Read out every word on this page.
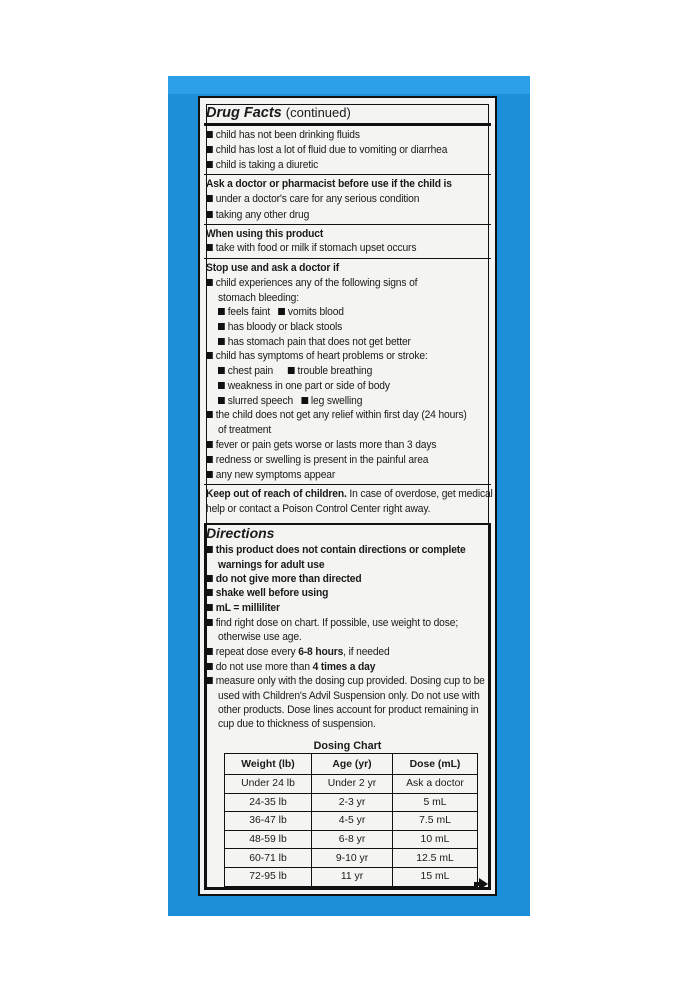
Drug Facts (continued)
child has not been drinking fluids
child has lost a lot of fluid due to vomiting or diarrhea
child is taking a diuretic
Ask a doctor or pharmacist before use if the child is
under a doctor's care for any serious condition
taking any other drug
When using this product
take with food or milk if stomach upset occurs
Stop use and ask a doctor if
child experiences any of the following signs of
stomach bleeding:
feels faint vomits blood
has bloody or black stools
has stomach pain that does not get better
child has symptoms of heart problems or stroke:
chest pain trouble breathing
weakness in one part or side of body
slurred speech leg swelling
the child does not get any relief within first day (24 hours)
of treatment
fever or pain gets worse or lasts more than 3 days
redness or swelling is present in the painful area
any new symptoms appear
Keep out of reach of children. In case of overdose, get medical
help or contact a Poison Control Center right away.
Directions
this product does not contain directions or complete
warnings for adult use
do not give more than directed
shake well before using
mL = milliliter
find right dose on chart. If possible, use weight to dose;
otherwise use age.
repeat dose every 6-8 hours, if needed
do not use more than 4 times a day
measure only with the dosing cup provided. Dosing cup to be
used with Children's Advil Suspension only. Do not use with
other products. Dose lines account for product remaining in
cup due to thickness of suspension.
Dosing Chart
Weight (lb)	Age (yr)	Dose (mL)
Under 24 lb	Under 2 yr	Ask a doctor
24-35 lb	2-3 yr	5 mL
36-47 lb	4-5 yr	7.5 mL
48-59 lb	6-8 yr	10 mL
60-71 lb	9-10 yr	12.5 mL
72-95 lb	11 yr	15 mL
